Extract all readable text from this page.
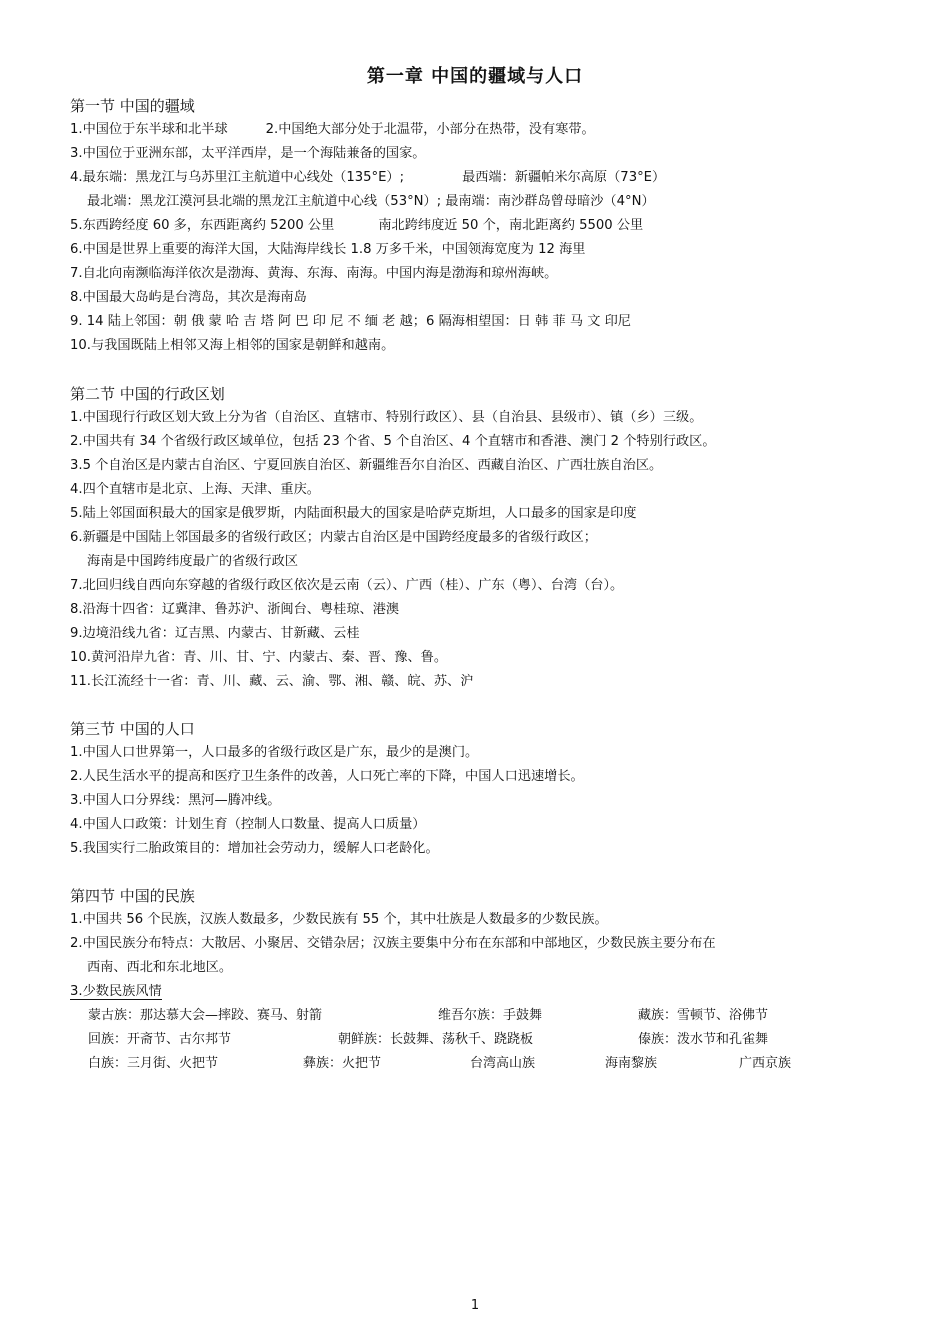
第一章 中国的疆域与人口
第一节 中国的疆域
1.中国位于东半球和北半球	2.中国绝大部分处于北温带，小部分在热带，没有寒带。
3.中国位于亚洲东部，太平洋西岸，是一个海陆兼备的国家。
4.最东端：黑龙江与乌苏里江主航道中心线处（135°E）;	最西端：新疆帕米尔高原（73°E）
最北端：黑龙江漠河县北端的黑龙江主航道中心线（53°N）; 最南端：南沙群岛曾母暗沙（4°N）
5.东西跨经度 60 多，东西距离约 5200 公里	南北跨纬度近 50 个，南北距离约 5500 公里
6.中国是世界上重要的海洋大国，大陆海岸线长 1.8 万多千米，中国领海宽度为 12 海里
7.自北向南濒临海洋依次是渤海、黄海、东海、南海。中国内海是渤海和琼州海峡。
8.中国最大岛屿是台湾岛，其次是海南岛
9. 14 陆上邻国：朝 俄 蒙 哈 吉 塔 阿 巴 印 尼 不 缅 老 越；6 隔海相望国：日 韩 菲 马 文 印尼
10.与我国既陆上相邻又海上相邻的国家是朝鲜和越南。
第二节 中国的行政区划
1.中国现行行政区划大致上分为省（自治区、直辖市、特别行政区）、县（自治县、县级市）、镇（乡）三级。
2.中国共有 34 个省级行政区域单位，包括 23 个省、5 个自治区、4 个直辖市和香港、澳门 2 个特别行政区。
3.5 个自治区是内蒙古自治区、宁夏回族自治区、新疆维吾尔自治区、西藏自治区、广西壮族自治区。
4.四个直辖市是北京、上海、天津、重庆。
5.陆上邻国面积最大的国家是俄罗斯，内陆面积最大的国家是哈萨克斯坦，人口最多的国家是印度
6.新疆是中国陆上邻国最多的省级行政区；内蒙古自治区是中国跨经度最多的省级行政区；
海南是中国跨纬度最广的省级行政区
7.北回归线自西向东穿越的省级行政区依次是云南（云）、广西（桂）、广东（粤）、台湾（台）。
8.沿海十四省：辽冀津、鲁苏沪、浙闽台、粤桂琼、港澳
9.边境沿线九省：辽吉黑、内蒙古、甘新藏、云桂
10.黄河沿岸九省：青、川、甘、宁、内蒙古、秦、晋、豫、鲁。
11.长江流经十一省：青、川、藏、云、渝、鄂、湘、赣、皖、苏、沪
第三节 中国的人口
1.中国人口世界第一，人口最多的省级行政区是广东，最少的是澳门。
2.人民生活水平的提高和医疗卫生条件的改善，人口死亡率的下降，中国人口迅速增长。
3.中国人口分界线：黑河—腾冲线。
4.中国人口政策：计划生育（控制人口数量、提高人口质量）
5.我国实行二胎政策目的：增加社会劳动力，缓解人口老龄化。
第四节 中国的民族
1.中国共 56 个民族，汉族人数最多，少数民族有 55 个，其中壮族是人数最多的少数民族。
2.中国民族分布特点：大散居、小聚居、交错杂居；汉族主要集中分布在东部和中部地区，少数民族主要分布在
西南、西北和东北地区。
3.少数民族风情
蒙古族：那达慕大会—摔跤、赛马、射箭	维吾尔族：手鼓舞	藏族：雪顿节、浴佛节
回族：开斋节、古尔邦节	朝鲜族：长鼓舞、荡秋千、跷跷板	傣族：泼水节和孔雀舞
白族：三月街、火把节	彝族：火把节	台湾高山族	海南黎族	广西京族
1
